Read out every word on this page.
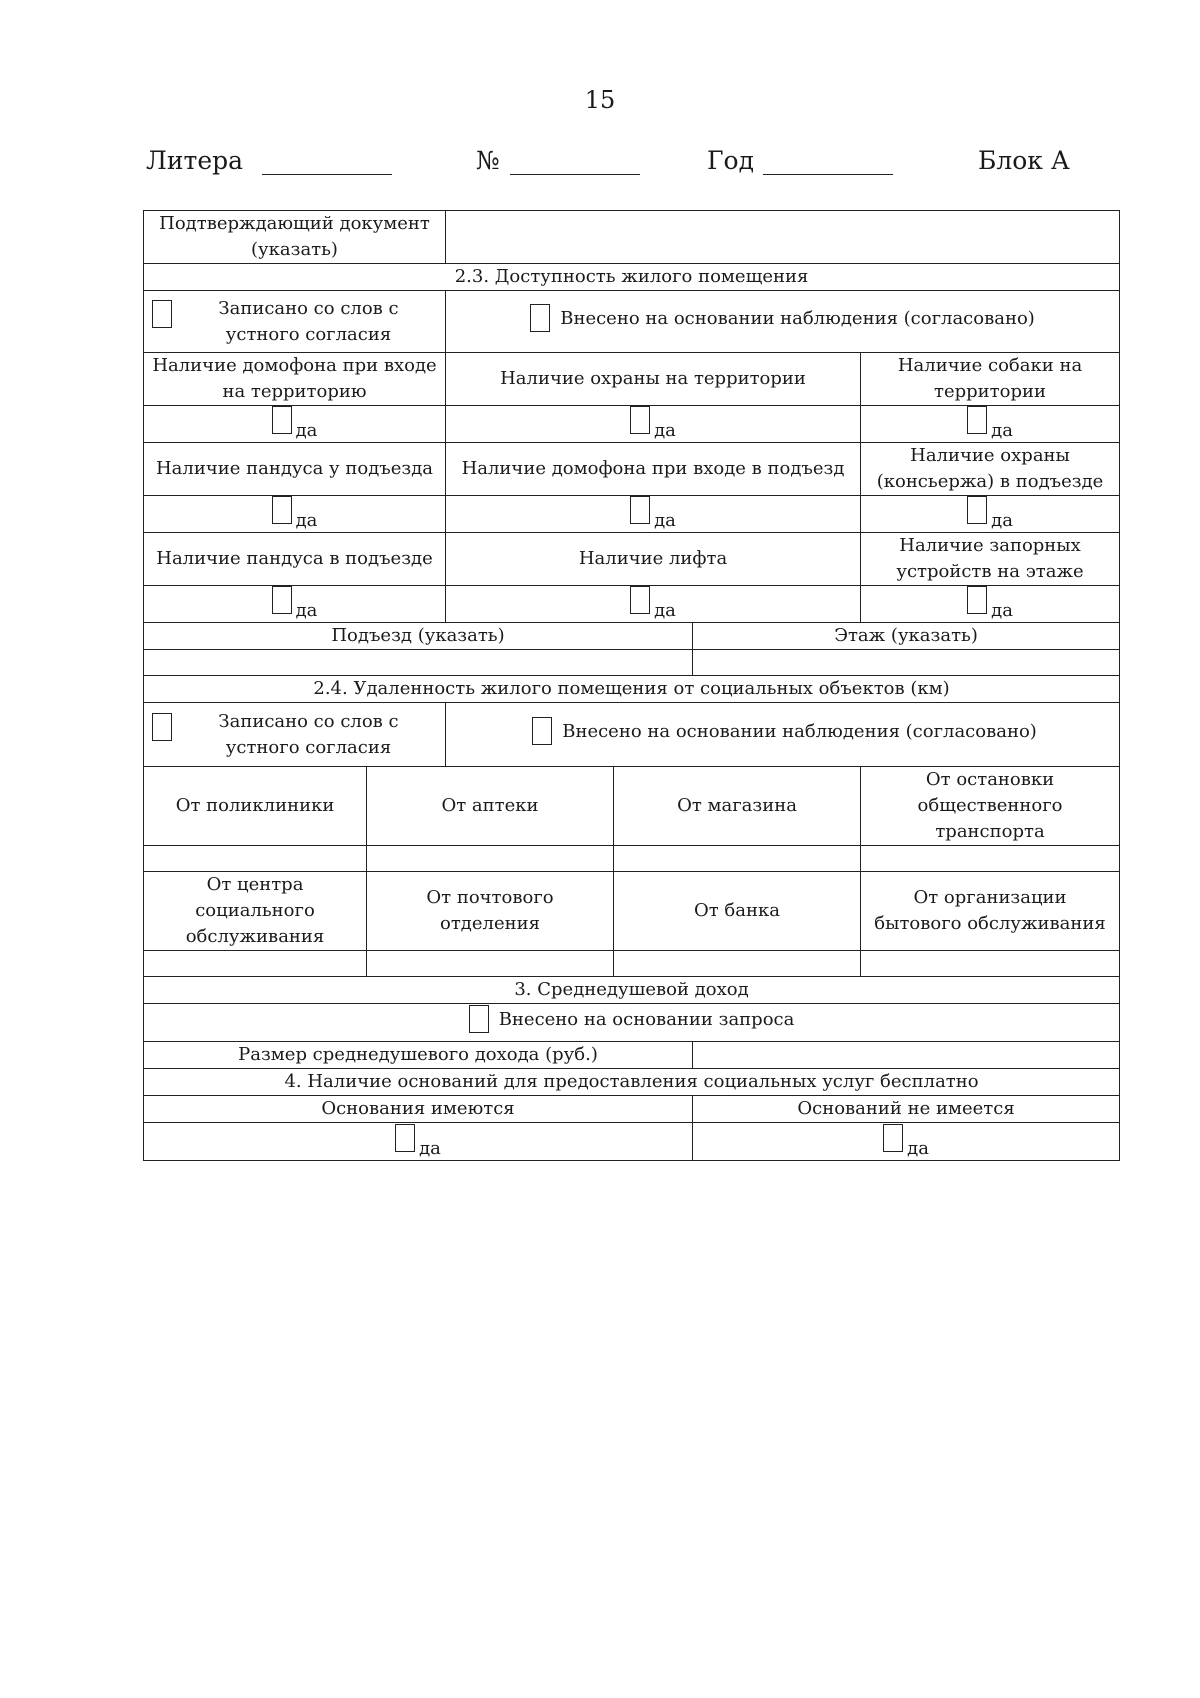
15
Литера	№	Год	Блок А
Подтверждающий документ (указать)					
2.3. Доступность жилого помещения					

Записано со слов с устного согласия		Внесено на основании наблюдения (согласовано)			

Наличие домофона при входе на территорию		Наличие охраны на территории			Наличие собаки на территории

да		да			да

Наличие пандуса у подъезда		Наличие домофона при входе в подъезд			Наличие охраны (консьержа) в подъезде

да		да			да

Наличие пандуса в подъезде		Наличие лифта			Наличие запорных устройств на этаже

да		да			да

Подъезд (указать)				Этаж (указать)	

2.4. Удаленность жилого помещения от социальных объектов (км)					

Записано со слов с устного согласия		Внесено на основании наблюдения (согласовано)			

От поликлиники	От аптеки		От магазина		От остановки общественного транспорта

От центра социального обслуживания	От почтового отделения		От банка		От организации бытового обслуживания

3. Среднедушевой доход					

Внесено на основании запроса					

Размер среднедушевого дохода (руб.)					
4. Наличие оснований для предоставления социальных услуг бесплатно					
Основания имеются				Оснований не имеется	

да				да	
